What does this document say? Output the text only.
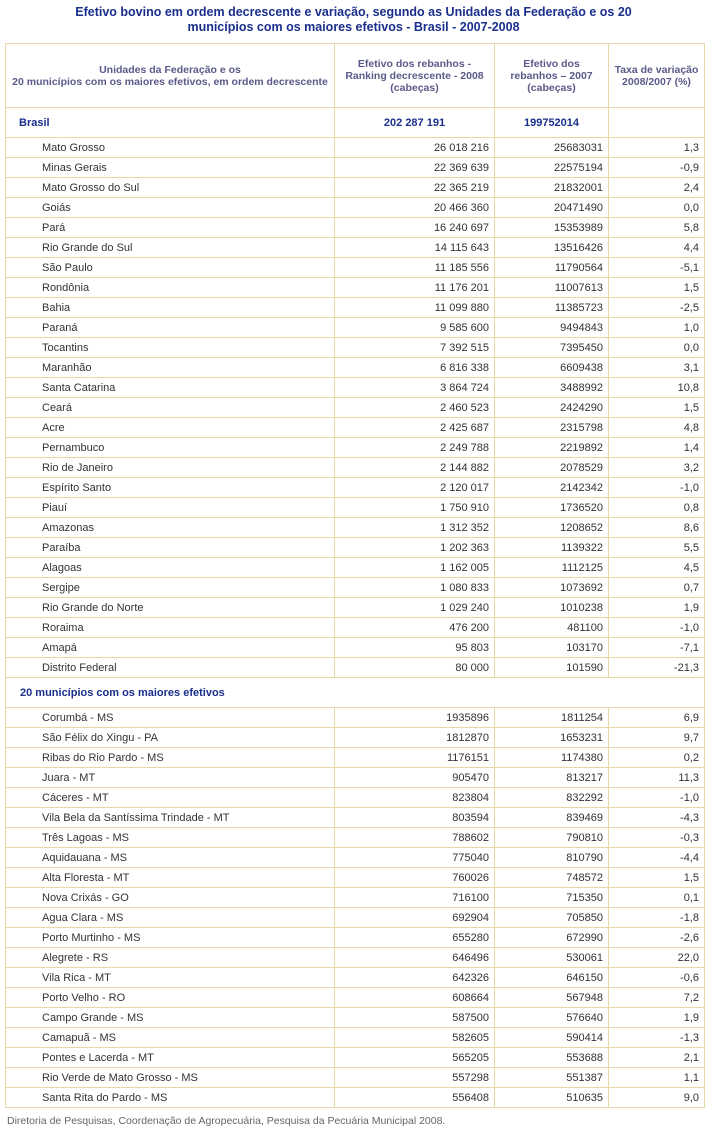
Efetivo bovino em ordem decrescente e variação, segundo as Unidades da Federação e os 20
municípios com os maiores efetivos - Brasil - 2007-2008
Unidades da Federação e os
20 municípios com os maiores efetivos, em ordem decrescente	Efetivo dos rebanhos - Ranking decrescente - 2008 (cabeças)	Efetivo dos rebanhos – 2007 (cabeças)	Taxa de variação 2008/2007 (%)
Brasil	202 287 191	199752014	
Mato Grosso	26 018 216	25683031	1,3
Minas Gerais	22 369 639	22575194	-0,9
Mato Grosso do Sul	22 365 219	21832001	2,4
Goiás	20 466 360	20471490	0,0
Pará	16 240 697	15353989	5,8
Rio Grande do Sul	14 115 643	13516426	4,4
São Paulo	11 185 556	11790564	-5,1
Rondônia	11 176 201	11007613	1,5
Bahia	11 099 880	11385723	-2,5
Paraná	9 585 600	9494843	1,0
Tocantins	7 392 515	7395450	0,0
Maranhão	6 816 338	6609438	3,1
Santa Catarina	3 864 724	3488992	10,8
Ceará	2 460 523	2424290	1,5
Acre	2 425 687	2315798	4,8
Pernambuco	2 249 788	2219892	1,4
Rio de Janeiro	2 144 882	2078529	3,2
Espírito Santo	2 120 017	2142342	-1,0
Piauí	1 750 910	1736520	0,8
Amazonas	1 312 352	1208652	8,6
Paraíba	1 202 363	1139322	5,5
Alagoas	1 162 005	1112125	4,5
Sergipe	1 080 833	1073692	0,7
Rio Grande do Norte	1 029 240	1010238	1,9
Roraima	476 200	481100	-1,0
Amapá	95 803	103170	-7,1
Distrito Federal	80 000	101590	-21,3
20 municípios com os maiores efetivos			
Corumbá - MS	1935896	1811254	6,9
São Félix do Xingu - PA	1812870	1653231	9,7
Ribas do Rio Pardo - MS	1176151	1174380	0,2
Juara - MT	905470	813217	11,3
Cáceres - MT	823804	832292	-1,0
Vila Bela da Santíssima Trindade - MT	803594	839469	-4,3
Três Lagoas - MS	788602	790810	-0,3
Aquidauana - MS	775040	810790	-4,4
Alta Floresta - MT	760026	748572	1,5
Nova Crixás - GO	716100	715350	0,1
Agua Clara - MS	692904	705850	-1,8
Porto Murtinho - MS	655280	672990	-2,6
Alegrete - RS	646496	530061	22,0
Vila Rica - MT	642326	646150	-0,6
Porto Velho - RO	608664	567948	7,2
Campo Grande - MS	587500	576640	1,9
Camapuã - MS	582605	590414	-1,3
Pontes e Lacerda - MT	565205	553688	2,1
Rio Verde de Mato Grosso - MS	557298	551387	1,1
Santa Rita do Pardo - MS	556408	510635	9,0
Diretoria de Pesquisas, Coordenação de Agropecuária, Pesquisa da Pecuária Municipal 2008.
